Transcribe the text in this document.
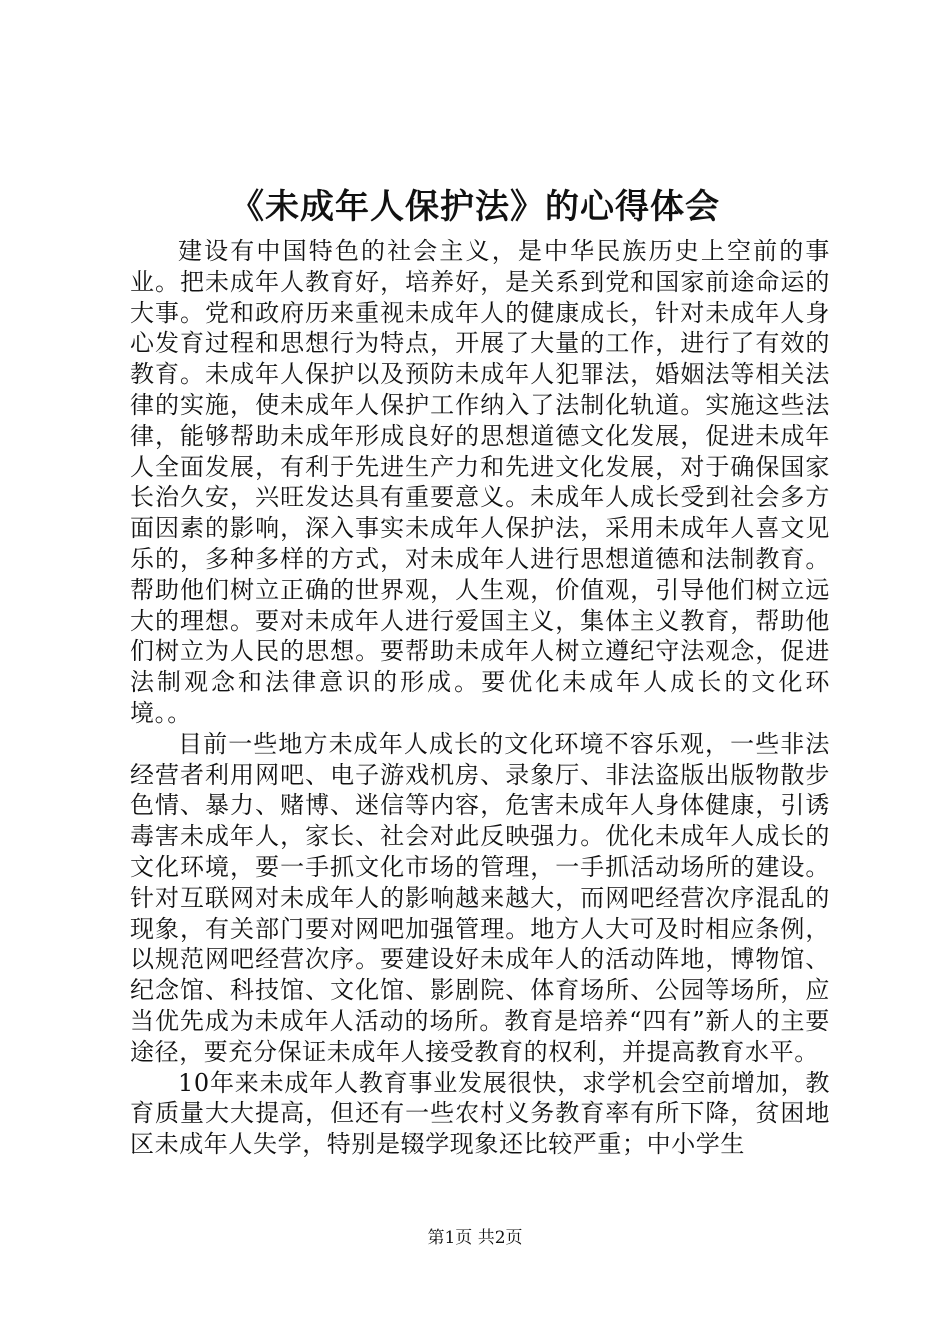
《未成年人保护法》的心得体会

建设有中国特色的社会主义，是中华民族历史上空前的事业。把未成年人教育好，培养好，是关系到党和国家前途命运的大事。党和政府历来重视未成年人的健康成长，针对未成年人身心发育过程和思想行为特点，开展了大量的工作，进行了有效的教育。未成年人保护以及预防未成年人犯罪法，婚姻法等相关法律的实施，使未成年人保护工作纳入了法制化轨道。实施这些法律，能够帮助未成年形成良好的思想道德文化发展，促进未成年人全面发展，有利于先进生产力和先进文化发展，对于确保国家长治久安，兴旺发达具有重要意义。未成年人成长受到社会多方面因素的影响，深入事实未成年人保护法，采用未成年人喜文见乐的，多种多样的方式，对未成年人进行思想道德和法制教育。帮助他们树立正确的世界观，人生观，价值观，引导他们树立远大的理想。要对未成年人进行爱国主义，集体主义教育，帮助他们树立为人民的思想。要帮助未成年人树立遵纪守法观念，促进法制观念和法律意识的形成。要优化未成年人成长的文化环境。。

目前一些地方未成年人成长的文化环境不容乐观，一些非法经营者利用网吧、电子游戏机房、录象厅、非法盗版出版物散步色情、暴力、赌博、迷信等内容，危害未成年人身体健康，引诱毒害未成年人，家长、社会对此反映强力。优化未成年人成长的文化环境，要一手抓文化市场的管理，一手抓活动场所的建设。针对互联网对未成年人的影响越来越大，而网吧经营次序混乱的现象，有关部门要对网吧加强管理。地方人大可及时相应条例，以规范网吧经营次序。要建设好未成年人的活动阵地，博物馆、纪念馆、科技馆、文化馆、影剧院、体育场所、公园等场所，应当优先成为未成年人活动的场所。教育是培养“四有”新人的主要途径，要充分保证未成年人接受教育的权利，并提高教育水平。

10年来未成年人教育事业发展很快，求学机会空前增加，教育质量大大提高，但还有一些农村义务教育率有所下降，贫困地区未成年人失学，特别是辍学现象还比较严重；中小学生

第1页 共2页
